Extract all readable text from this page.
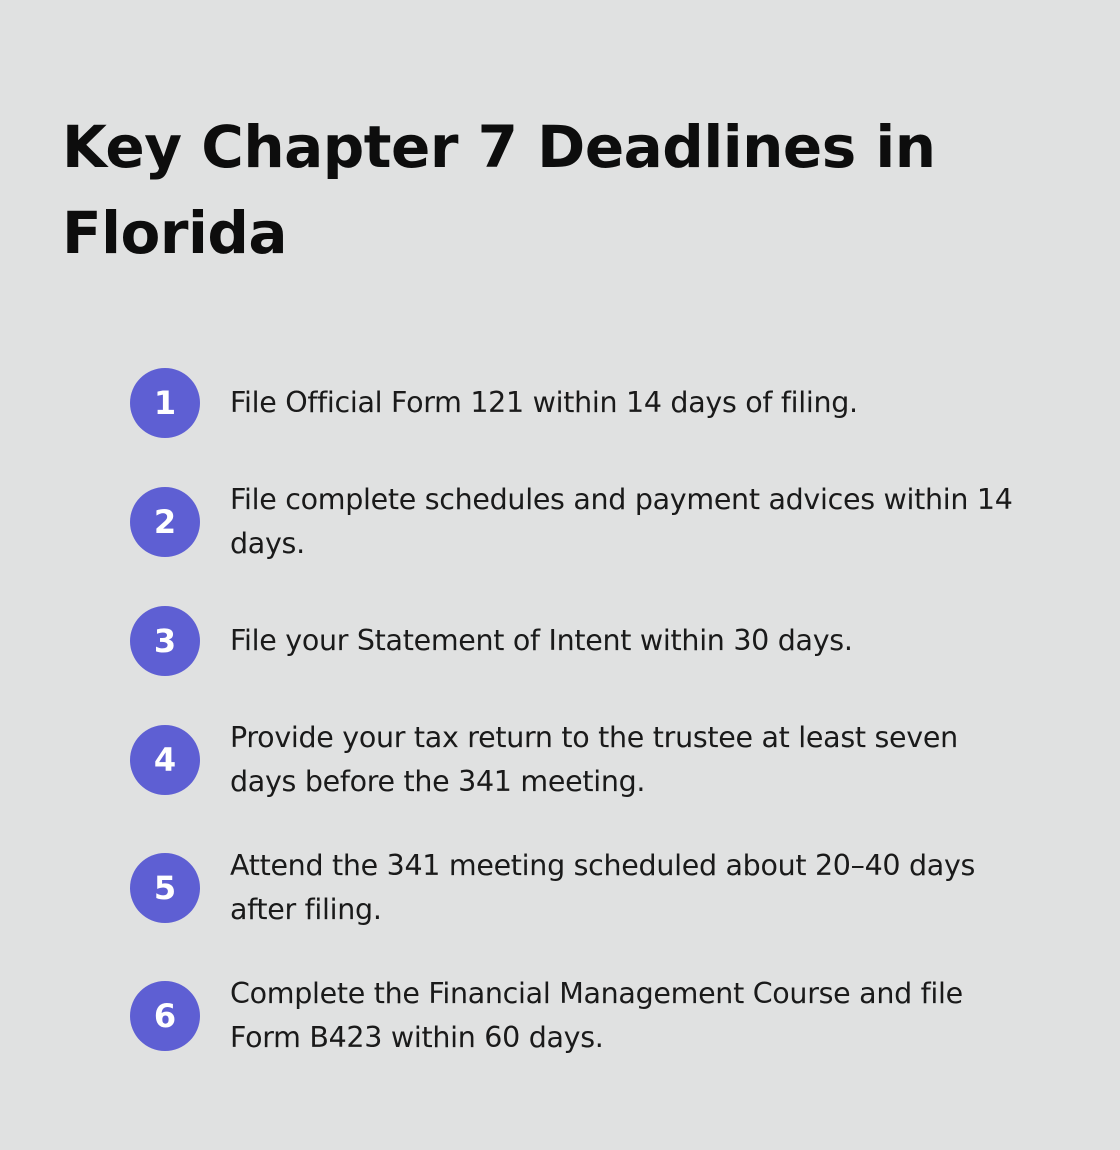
Key Chapter 7 Deadlines in Florida
1	File Official Form 121 within 14 days of filing.
2
File complete schedules and payment advices within 14 days.
3	File your Statement of Intent within 30 days.
4
Provide your tax return to the trustee at least seven days before the 341 meeting.
5
Attend the 341 meeting scheduled about 20–40 days after filing.
6
Complete the Financial Management Course and file Form B423 within 60 days.
